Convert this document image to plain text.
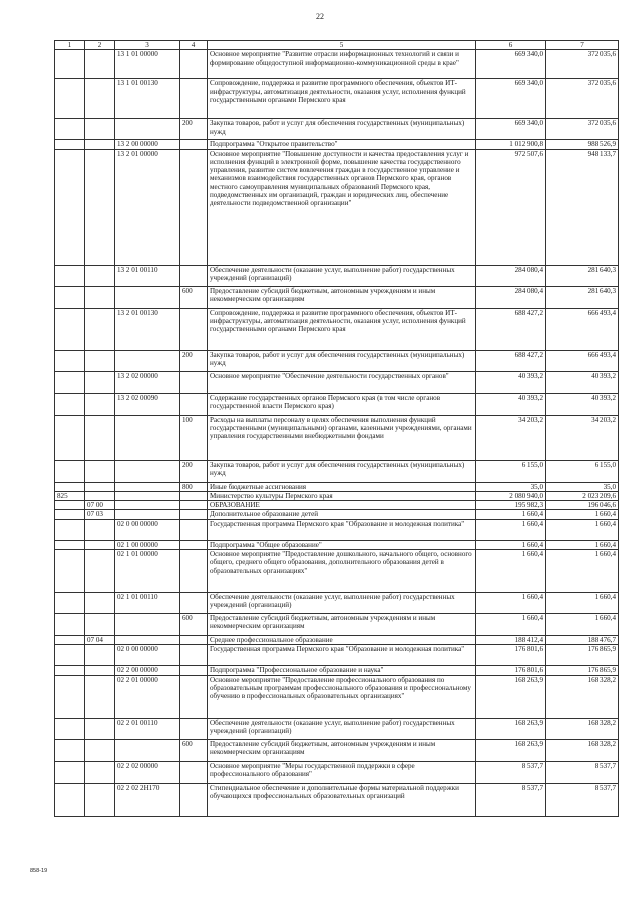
22
1	2	3	4	5	6	7
		13 1 01 00000		Основное мероприятие "Развитие отрасли информационных технологий и связи и формирование общедоступной информационно-коммуникационной среды в крае"	669 340,0	372 035,6
		13 1 01 00130		Сопровождение, поддержка и развитие программного обеспечения, объектов ИТ-инфраструктуры, автоматизация деятельности, оказания услуг, исполнения функций государственными органами Пермского края	669 340,0	372 035,6
			200	Закупка товаров, работ и услуг для обеспечения государственных (муниципальных) нужд	669 340,0	372 035,6
		13 2 00 00000		Подпрограмма "Открытое правительство"	1 012 900,8	988 526,9
		13 2 01 00000		Основное мероприятие "Повышение доступности и качества предоставления услуг и исполнения функций в электронной форме, повышение качества государственного управления, развитие систем вовлечения граждан в государственное управление и механизмов взаимодействия государственных органов Пермского края, органов местного самоуправления муниципальных образований Пермского края, подведомственных им организаций, граждан и юридических лиц, обеспечение деятельности подведомственной организации"	972 507,6	948 133,7
		13 2 01 00110		Обеспечение деятельности (оказание услуг, выполнение работ) государственных учреждений (организаций)	284 080,4	281 640,3
			600	Предоставление субсидий бюджетным, автономным учреждениям и иным некоммерческим организациям	284 080,4	281 640,3
		13 2 01 00130		Сопровождение, поддержка и развитие программного обеспечения, объектов ИТ-инфраструктуры, автоматизация деятельности, оказания услуг, исполнения функций государственными органами Пермского края	688 427,2	666 493,4
			200	Закупка товаров, работ и услуг для обеспечения государственных (муниципальных) нужд	688 427,2	666 493,4
		13 2 02 00000		Основное мероприятие "Обеспечение деятельности государственных органов"	40 393,2	40 393,2
		13 2 02 00090		Содержание государственных органов Пермского края (в том числе органов государственной власти Пермского края)	40 393,2	40 393,2
			100	Расходы на выплаты персоналу в целях обеспечения выполнения функций государственными (муниципальными) органами, казенными учреждениями, органами управления государственными внебюджетными фондами	34 203,2	34 203,2
			200	Закупка товаров, работ и услуг для обеспечения государственных (муниципальных) нужд	6 155,0	6 155,0
			800	Иные бюджетные ассигнования	35,0	35,0
825				Министерство культуры Пермского края	2 080 940,0	2 023 209,6
	07 00			ОБРАЗОВАНИЕ	195 982,3	196 046,6
	07 03			Дополнительное образование детей	1 660,4	1 660,4
		02 0 00 00000		Государственная программа Пермского края "Образование и молодежная политика"	1 660,4	1 660,4
		02 1 00 00000		Подпрограмма "Общее образование"	1 660,4	1 660,4
		02 1 01 00000		Основное мероприятие "Предоставление дошкольного, начального общего, основного общего, среднего общего образования, дополнительного образования детей в образовательных организациях"	1 660,4	1 660,4
		02 1 01 00110		Обеспечение деятельности (оказание услуг, выполнение работ) государственных учреждений (организаций)	1 660,4	1 660,4
			600	Предоставление субсидий бюджетным, автономным учреждениям и иным некоммерческим организациям	1 660,4	1 660,4
	07 04			Среднее профессиональное образование	188 412,4	188 476,7
		02 0 00 00000		Государственная программа Пермского края "Образование и молодежная политика"	176 801,6	176 865,9
		02 2 00 00000		Подпрограмма "Профессиональное образование и наука"	176 801,6	176 865,9
		02 2 01 00000		Основное мероприятие "Предоставление профессионального образования по образовательным программам профессионального образования и профессиональному обучению в профессиональных образовательных организациях"	168 263,9	168 328,2
		02 2 01 00110		Обеспечение деятельности (оказание услуг, выполнение работ) государственных учреждений (организаций)	168 263,9	168 328,2
			600	Предоставление субсидий бюджетным, автономным учреждениям и иным некоммерческим организациям	168 263,9	168 328,2
		02 2 02 00000		Основное мероприятие "Меры государственной поддержки в сфере профессионального образования"	8 537,7	8 537,7
		02 2 02 2Н170		Стипендиальное обеспечение и дополнительные формы материальной поддержки обучающихся профессиональных образовательных организаций	8 537,7	8 537,7
858-19
